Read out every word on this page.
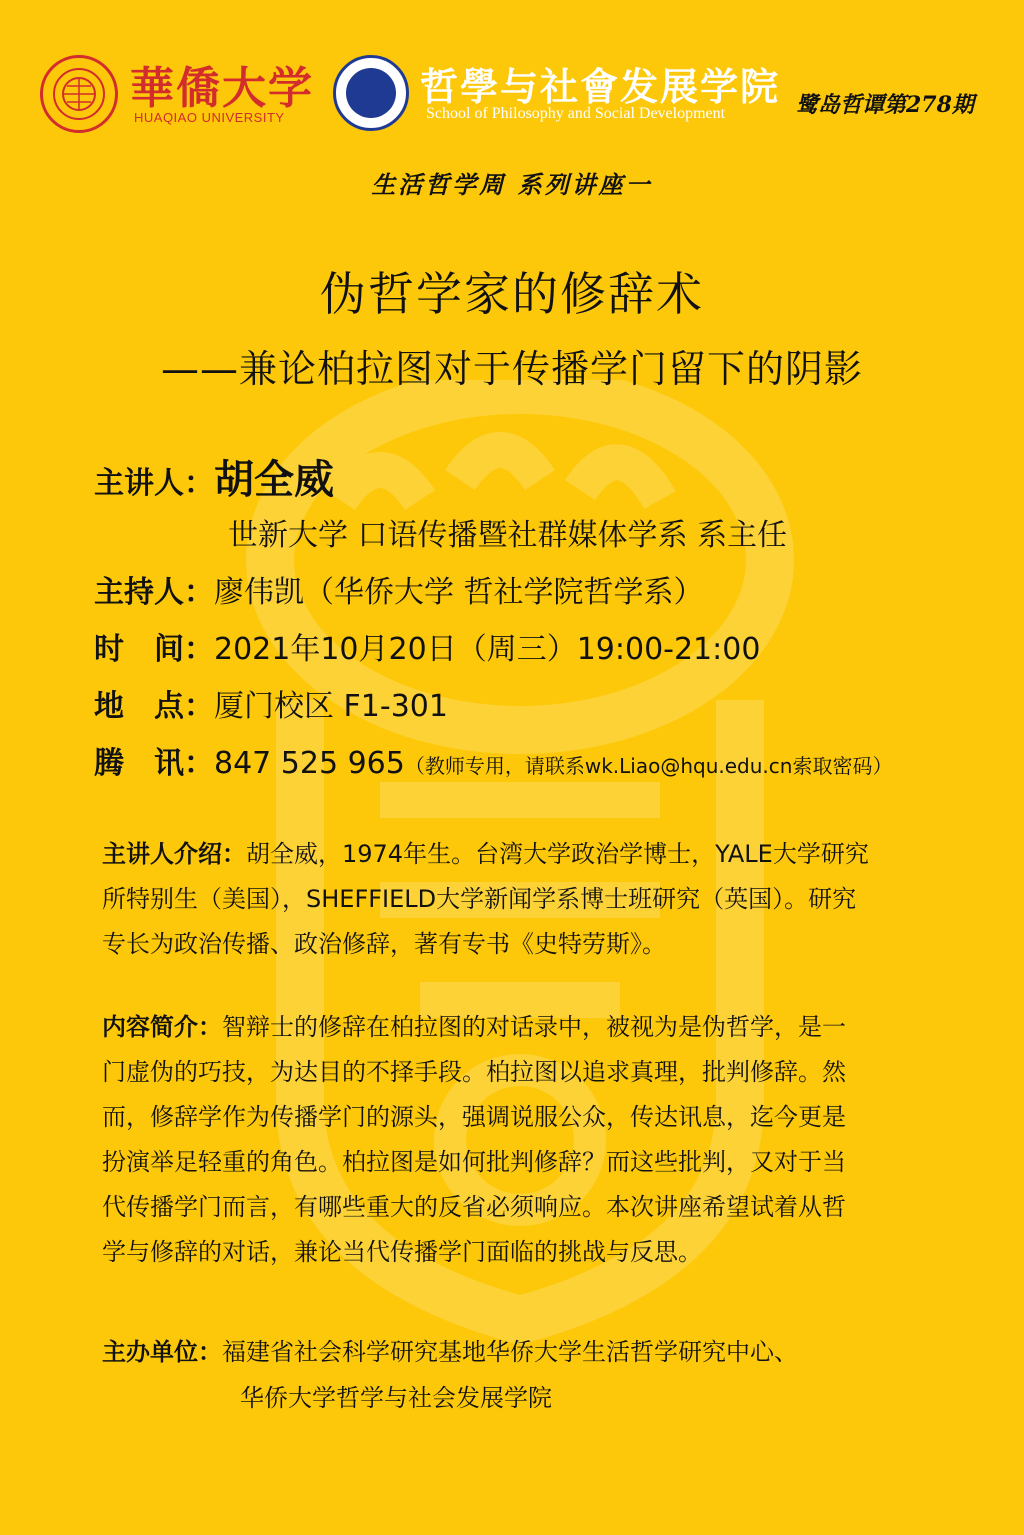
華僑大学
HUAQIAO UNIVERSITY
哲學与社會发展学院
School of Philosophy and Social Development	鹭岛哲谭第278期
生活哲学周 系列讲座一
伪哲学家的修辞术
——兼论柏拉图对于传播学门留下的阴影
主讲人：胡全威
世新大学 口语传播暨社群媒体学系 系主任
主持人：廖伟凯（华侨大学 哲社学院哲学系）
时　间：2021年10月20日（周三）19:00-21:00
地　点：厦门校区 F1-301
腾　讯：847 525 965（教师专用，请联系wk.Liao@hqu.edu.cn索取密码）
主讲人介绍：胡全威，1974年生。台湾大学政治学博士，YALE大学研究
所特别生（美国），SHEFFIELD大学新闻学系博士班研究（英国）。研究
专长为政治传播、政治修辞，著有专书《史特劳斯》。
内容简介：智辩士的修辞在柏拉图的对话录中，被视为是伪哲学，是一
门虚伪的巧技，为达目的不择手段。柏拉图以追求真理，批判修辞。然
而，修辞学作为传播学门的源头，强调说服公众，传达讯息，迄今更是
扮演举足轻重的角色。柏拉图是如何批判修辞？而这些批判，又对于当
代传播学门而言，有哪些重大的反省必须响应。本次讲座希望试着从哲
学与修辞的对话，兼论当代传播学门面临的挑战与反思。
主办单位：福建省社会科学研究基地华侨大学生活哲学研究中心、
华侨大学哲学与社会发展学院
